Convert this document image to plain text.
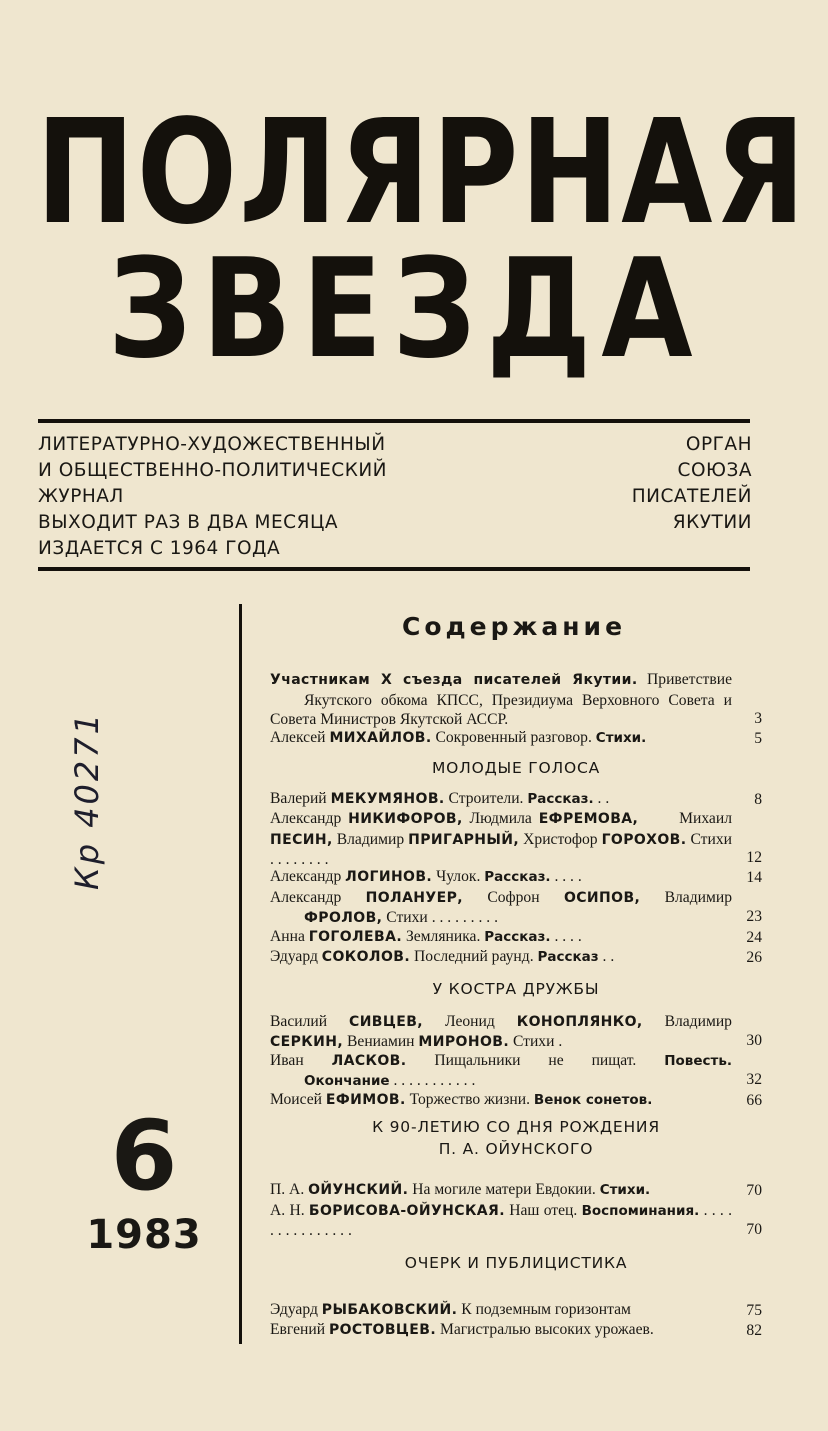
ПОЛЯРНАЯ
ЗВЕЗДА
ЛИТЕРАТУРНО-ХУДОЖЕСТВЕННЫЙ
И ОБЩЕСТВЕННО-ПОЛИТИЧЕСКИЙ
ЖУРНАЛ
ВЫХОДИТ РАЗ В ДВА МЕСЯЦА
ИЗДАЕТСЯ С 1964 ГОДА
ОРГАН
СОЮЗА
ПИСАТЕЛЕЙ
ЯКУТИИ
Кр 40271
6
1983
Содержание
Участникам X съезда писателей Якутии. Приветствие Якутского обкома КПСС, Президиума Верховного Совета и Совета Министров Якутской АССР.	3
Алексей МИХАЙЛОВ. Сокровенный разговор. Стихи.	5
МОЛОДЫЕ ГОЛОСА
Валерий МЕКУМЯНОВ. Строители. Рассказ. . .	8
Александр НИКИФОРОВ, Людмила ЕФРЕМОВА,	Михаил ПЕСИН, Владимир ПРИГАРНЫЙ, Христофор ГОРОХОВ. Стихи . . . . . . . .	12
Александр ЛОГИНОВ. Чулок. Рассказ. . . . .	14
Александр ПОЛАНУЕР, Софрон ОСИПОВ, Владимир ФРОЛОВ, Стихи . . . . . . . . .	23
Анна ГОГОЛЕВА. Земляника. Рассказ. . . . .	24
Эдуард СОКОЛОВ. Последний раунд. Рассказ . .	26
У КОСТРА ДРУЖБЫ
Василий СИВЦЕВ, Леонид КОНОПЛЯНКО, Владимир СЕРКИН, Вениамин МИРОНОВ. Стихи .	30
Иван ЛАСКОВ. Пищальники не пищат. Повесть. Окончание . . . . . . . . . . .	32
Моисей ЕФИМОВ. Торжество жизни. Венок сонетов.	66
К 90-ЛЕТИЮ СО ДНЯ РОЖДЕНИЯ
П. А. ОЙУНСКОГО
П. А. ОЙУНСКИЙ. На могиле матери Евдокии. Стихи.	70
А. Н. БОРИСОВА-ОЙУНСКАЯ. Наш отец. Воспоминания. . . . . . . . . . . . . . . .	70
ОЧЕРК И ПУБЛИЦИСТИКА
Эдуард РЫБАКОВСКИЙ. К подземным горизонтам	75
Евгений РОСТОВЦЕВ. Магистралью высоких урожаев.	82
